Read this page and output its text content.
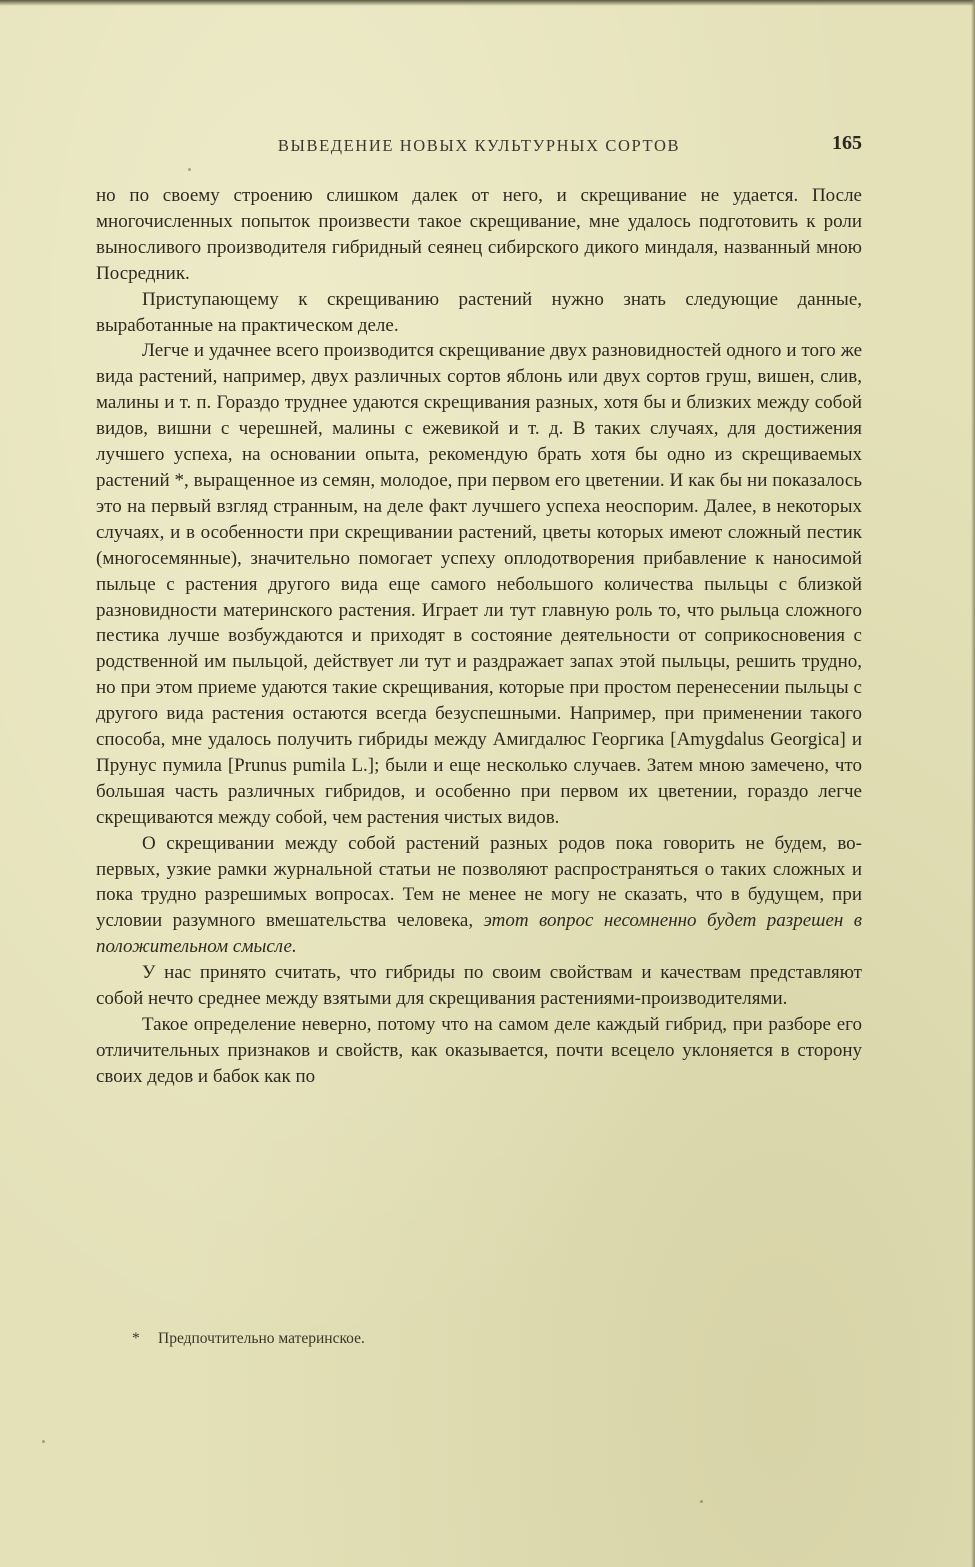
ВЫВЕДЕНИЕ НОВЫХ КУЛЬТУРНЫХ СОРТОВ	165

но по своему строению слишком далек от него, и скрещивание не удается. После многочисленных попыток произвести такое скрещивание, мне удалось подготовить к роли выносливого производителя гибридный сеянец сибирского дикого миндаля, названный мною Посредник.

Приступающему к скрещиванию растений нужно знать следующие данные, выработанные на практическом деле.

Легче и удачнее всего производится скрещивание двух разновидностей одного и того же вида растений, например, двух различных сортов яблонь или двух сортов груш, вишен, слив, малины и т. п. Гораздо труднее удаются скрещивания разных, хотя бы и близких между собой видов, вишни с черешней, малины с ежевикой и т. д. В таких случаях, для достижения лучшего успеха, на основании опыта, рекомендую брать хотя бы одно из скрещиваемых растений *, выращенное из семян, молодое, при первом его цветении. И как бы ни показалось это на первый взгляд странным, на деле факт лучшего успеха неоспорим. Далее, в некоторых случаях, и в особенности при скрещивании растений, цветы которых имеют сложный пестик (многосемянные), значительно помогает успеху оплодотворения прибавление к наносимой пыльце с растения другого вида еще самого небольшого количества пыльцы с близкой разновидности материнского растения. Играет ли тут главную роль то, что рыльца сложного пестика лучше возбуждаются и приходят в состояние деятельности от соприкосновения с родственной им пыльцой, действует ли тут и раздражает запах этой пыльцы, решить трудно, но при этом приеме удаются такие скрещивания, которые при простом перенесении пыльцы с другого вида растения остаются всегда безуспешными. Например, при применении такого способа, мне удалось получить гибриды между Амигдалюс Георгика [Amygdalus Georgica] и Прунус пумила [Prunus pumila L.]; были и еще несколько случаев. Затем мною замечено, что большая часть различных гибридов, и особенно при первом их цветении, гораздо легче скрещиваются между собой, чем растения чистых видов.

О скрещивании между собой растений разных родов пока говорить не будем, во-первых, узкие рамки журнальной статьи не позволяют распространяться о таких сложных и пока трудно разрешимых вопросах. Тем не менее не могу не сказать, что в будущем, при условии разумного вмешательства человека, этот вопрос несомненно будет разрешен в положительном смысле.

У нас принято считать, что гибриды по своим свойствам и качествам представляют собой нечто среднее между взятыми для скрещивания растениями-производителями.

Такое определение неверно, потому что на самом деле каждый гибрид, при разборе его отличительных признаков и свойств, как оказывается, почти всецело уклоняется в сторону своих дедов и бабок как по

* Предпочтительно материнское.
